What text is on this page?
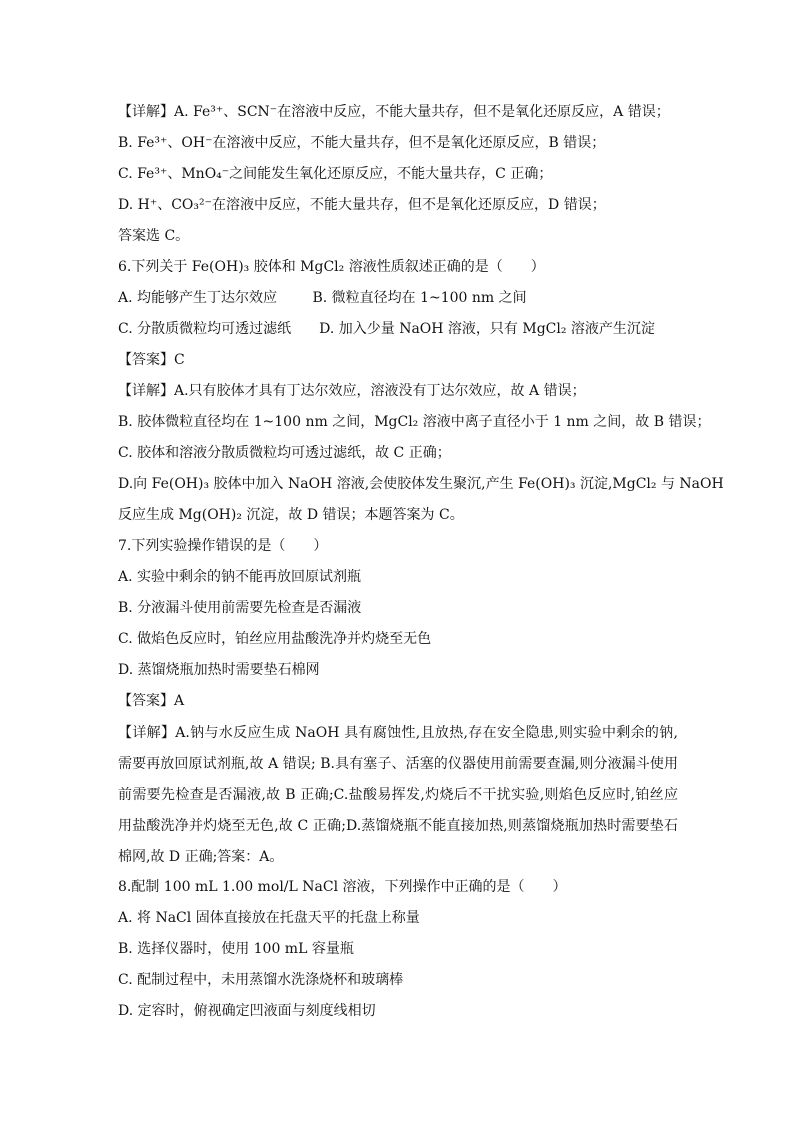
【详解】A. Fe³⁺、SCN⁻在溶液中反应，不能大量共存，但不是氧化还原反应，A 错误；
B. Fe³⁺、OH⁻在溶液中反应，不能大量共存，但不是氧化还原反应，B 错误；
C. Fe³⁺、MnO₄⁻之间能发生氧化还原反应，不能大量共存，C 正确；
D. H⁺、CO₃²⁻在溶液中反应，不能大量共存，但不是氧化还原反应，D 错误；
答案选 C。
6.下列关于 Fe(OH)₃ 胶体和 MgCl₂ 溶液性质叙述正确的是（　　）
A. 均能够产生丁达尔效应	B. 微粒直径均在 1~100 nm 之间
C. 分散质微粒均可透过滤纸　　D. 加入少量 NaOH 溶液，只有 MgCl₂ 溶液产生沉淀
【答案】C
【详解】A.只有胶体才具有丁达尔效应，溶液没有丁达尔效应，故 A 错误；
B. 胶体微粒直径均在 1~100 nm 之间，MgCl₂ 溶液中离子直径小于 1 nm 之间，故 B 错误；
C. 胶体和溶液分散质微粒均可透过滤纸，故 C 正确；
D.向 Fe(OH)₃ 胶体中加入 NaOH 溶液,会使胶体发生聚沉,产生 Fe(OH)₃ 沉淀,MgCl₂ 与 NaOH
反应生成 Mg(OH)₂ 沉淀，故 D 错误；本题答案为 C。
7.下列实验操作错误的是（　　）
A. 实验中剩余的钠不能再放回原试剂瓶
B. 分液漏斗使用前需要先检查是否漏液
C. 做焰色反应时，铂丝应用盐酸洗净并灼烧至无色
D. 蒸馏烧瓶加热时需要垫石棉网
【答案】A
【详解】A.钠与水反应生成 NaOH 具有腐蚀性,且放热,存在安全隐患,则实验中剩余的钠,需要再放回原试剂瓶,故 A 错误; B.具有塞子、活塞的仪器使用前需要查漏,则分液漏斗使用前需要先检查是否漏液,故 B 正确;C.盐酸易挥发,灼烧后不干扰实验,则焰色反应时,铂丝应用盐酸洗净并灼烧至无色,故 C 正确;D.蒸馏烧瓶不能直接加热,则蒸馏烧瓶加热时需要垫石棉网,故 D 正确;答案：A。
8.配制 100 mL 1.00 mol/L NaCl 溶液，下列操作中正确的是（　　）
A. 将 NaCl 固体直接放在托盘天平的托盘上称量
B. 选择仪器时，使用 100 mL 容量瓶
C. 配制过程中，未用蒸馏水洗涤烧杯和玻璃棒
D. 定容时，俯视确定凹液面与刻度线相切
